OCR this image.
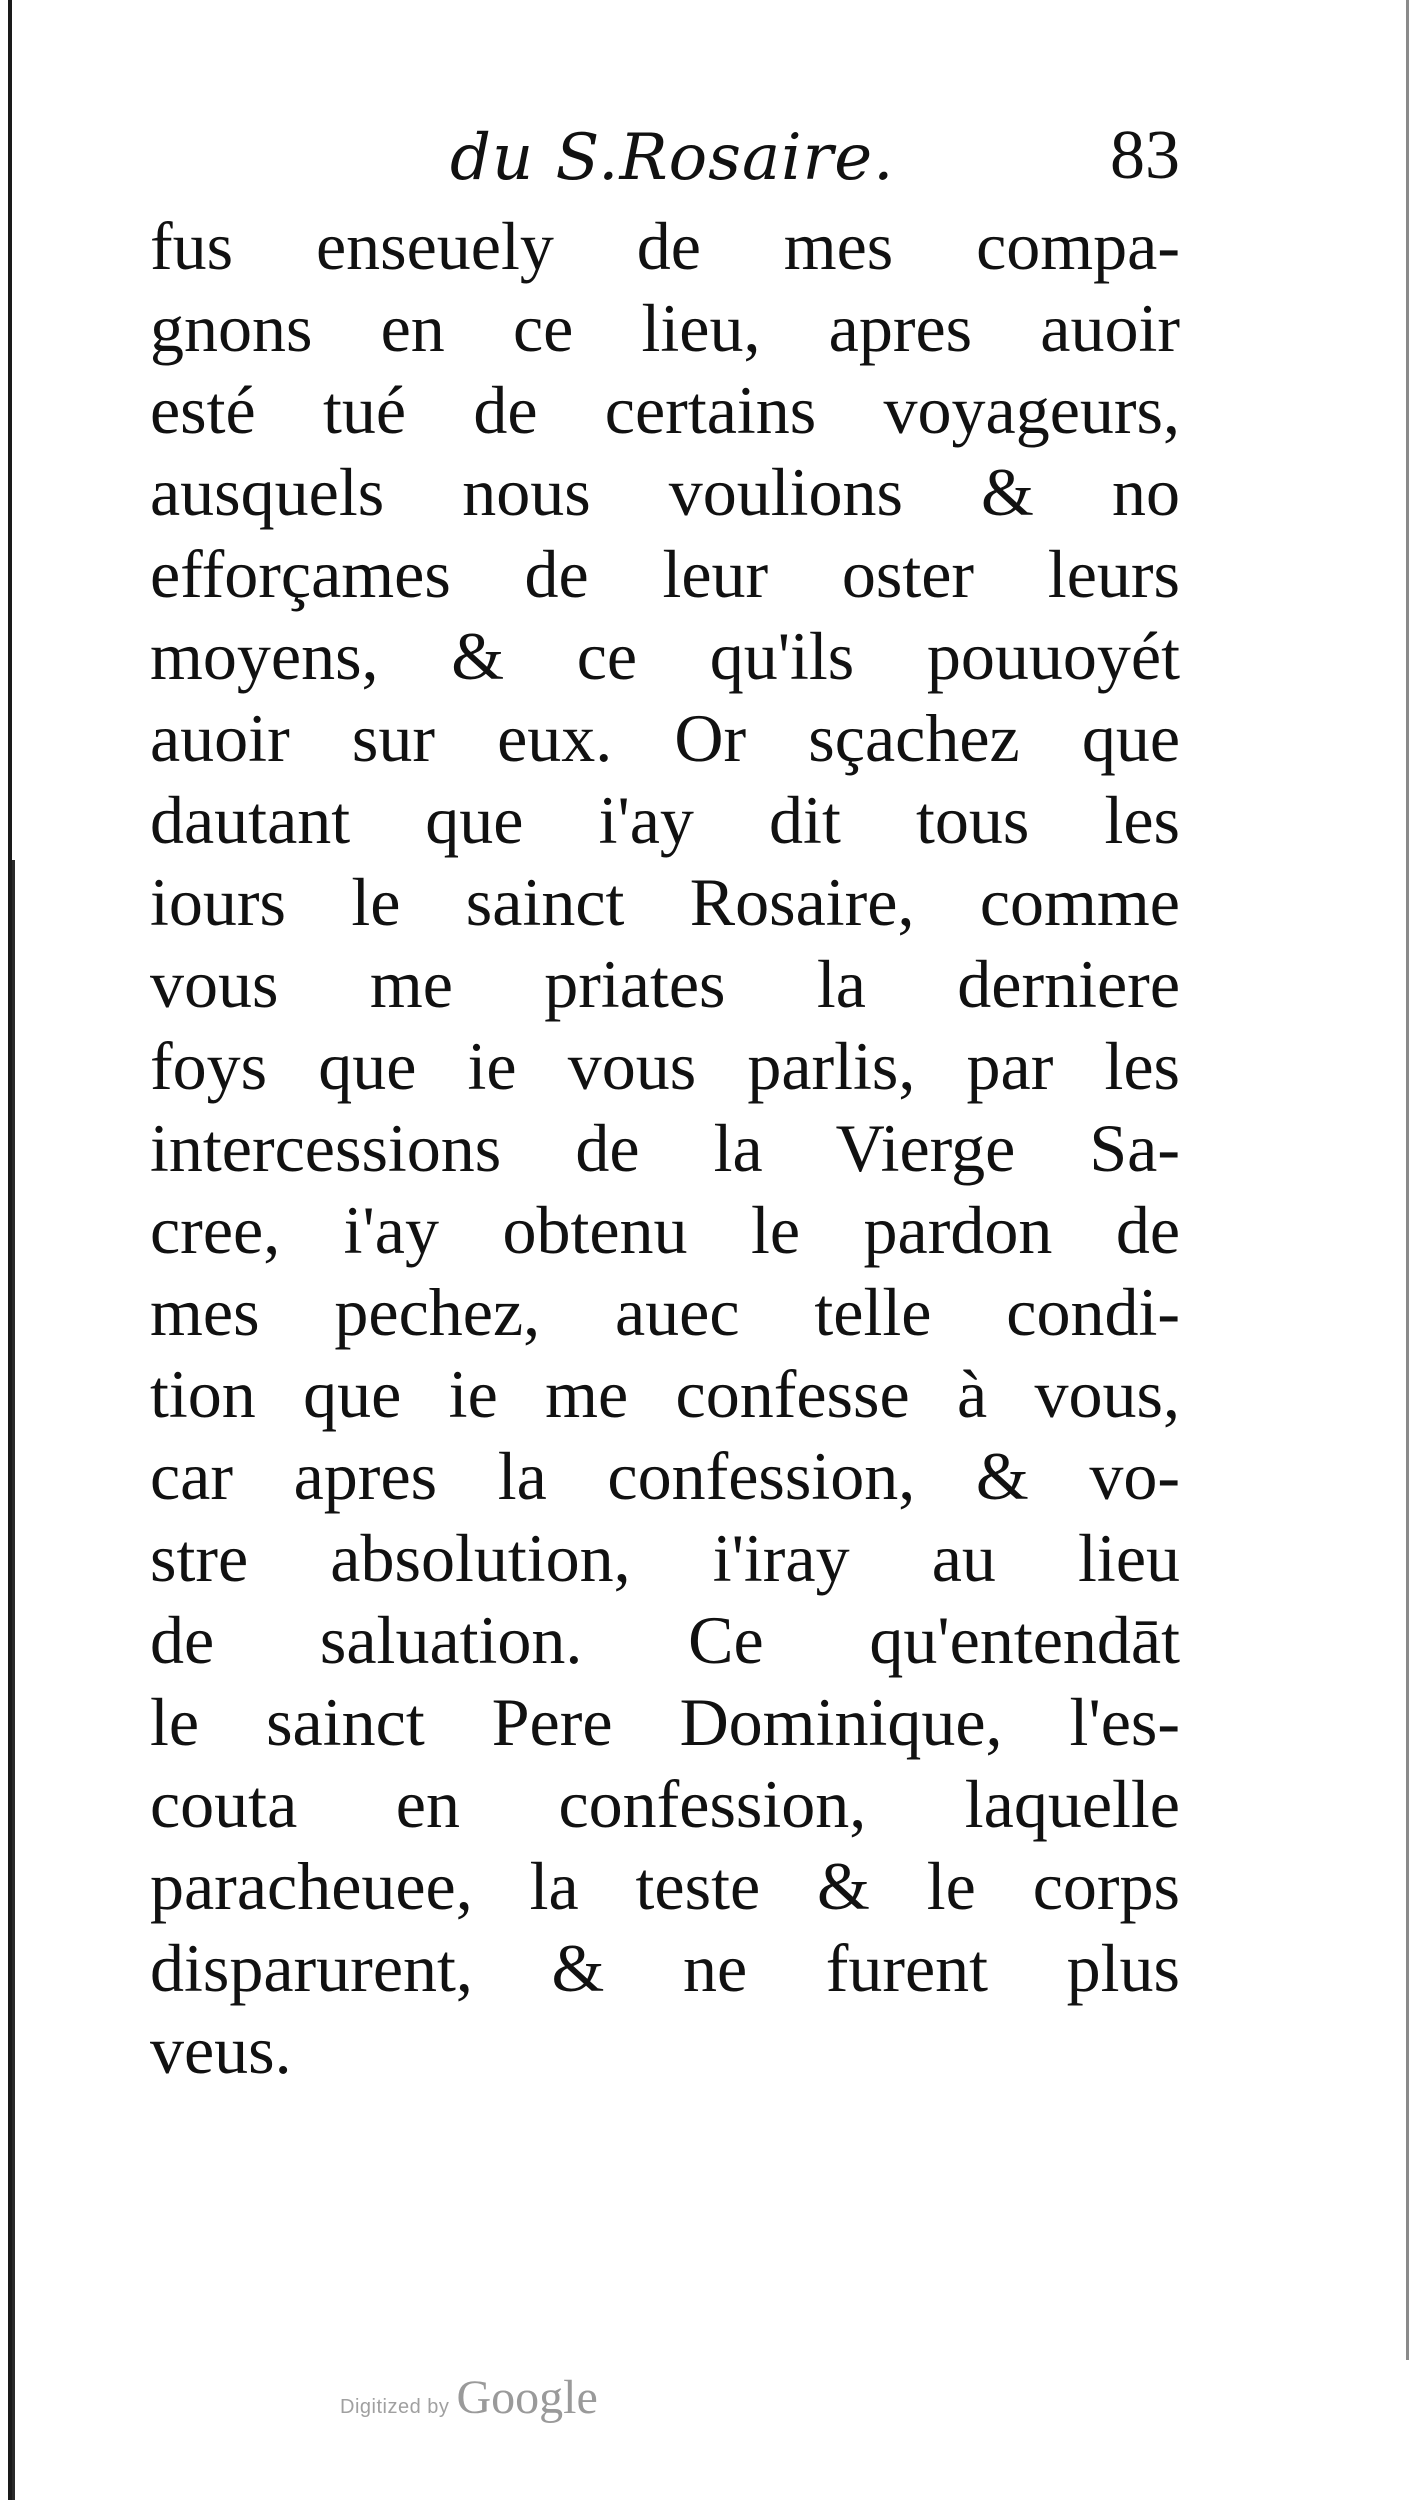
du S.Rosaire.	83
fus enseuely de mes compa-
gnons en ce lieu, apres auoir
esté tué de certains voyageurs,
ausquels nous voulions & no
efforçames de leur oster leurs
moyens, & ce qu'ils pouuoyét
auoir sur eux. Or sçachez que
dautant que i'ay dit tous les
iours le sainct Rosaire, comme
vous me priates la derniere
foys que ie vous parlis, par les
intercessions de la Vierge Sa-
cree, i'ay obtenu le pardon de
mes pechez, auec telle condi-
tion que ie me confesse à vous,
car apres la confession, & vo-
stre absolution, i'iray au lieu
de saluation. Ce qu'entendāt
le sainct Pere Dominique, l'es-
couta en confession, laquelle
paracheuee, la teste & le corps
disparurent, & ne furent plus
veus.
Digitized by Google
